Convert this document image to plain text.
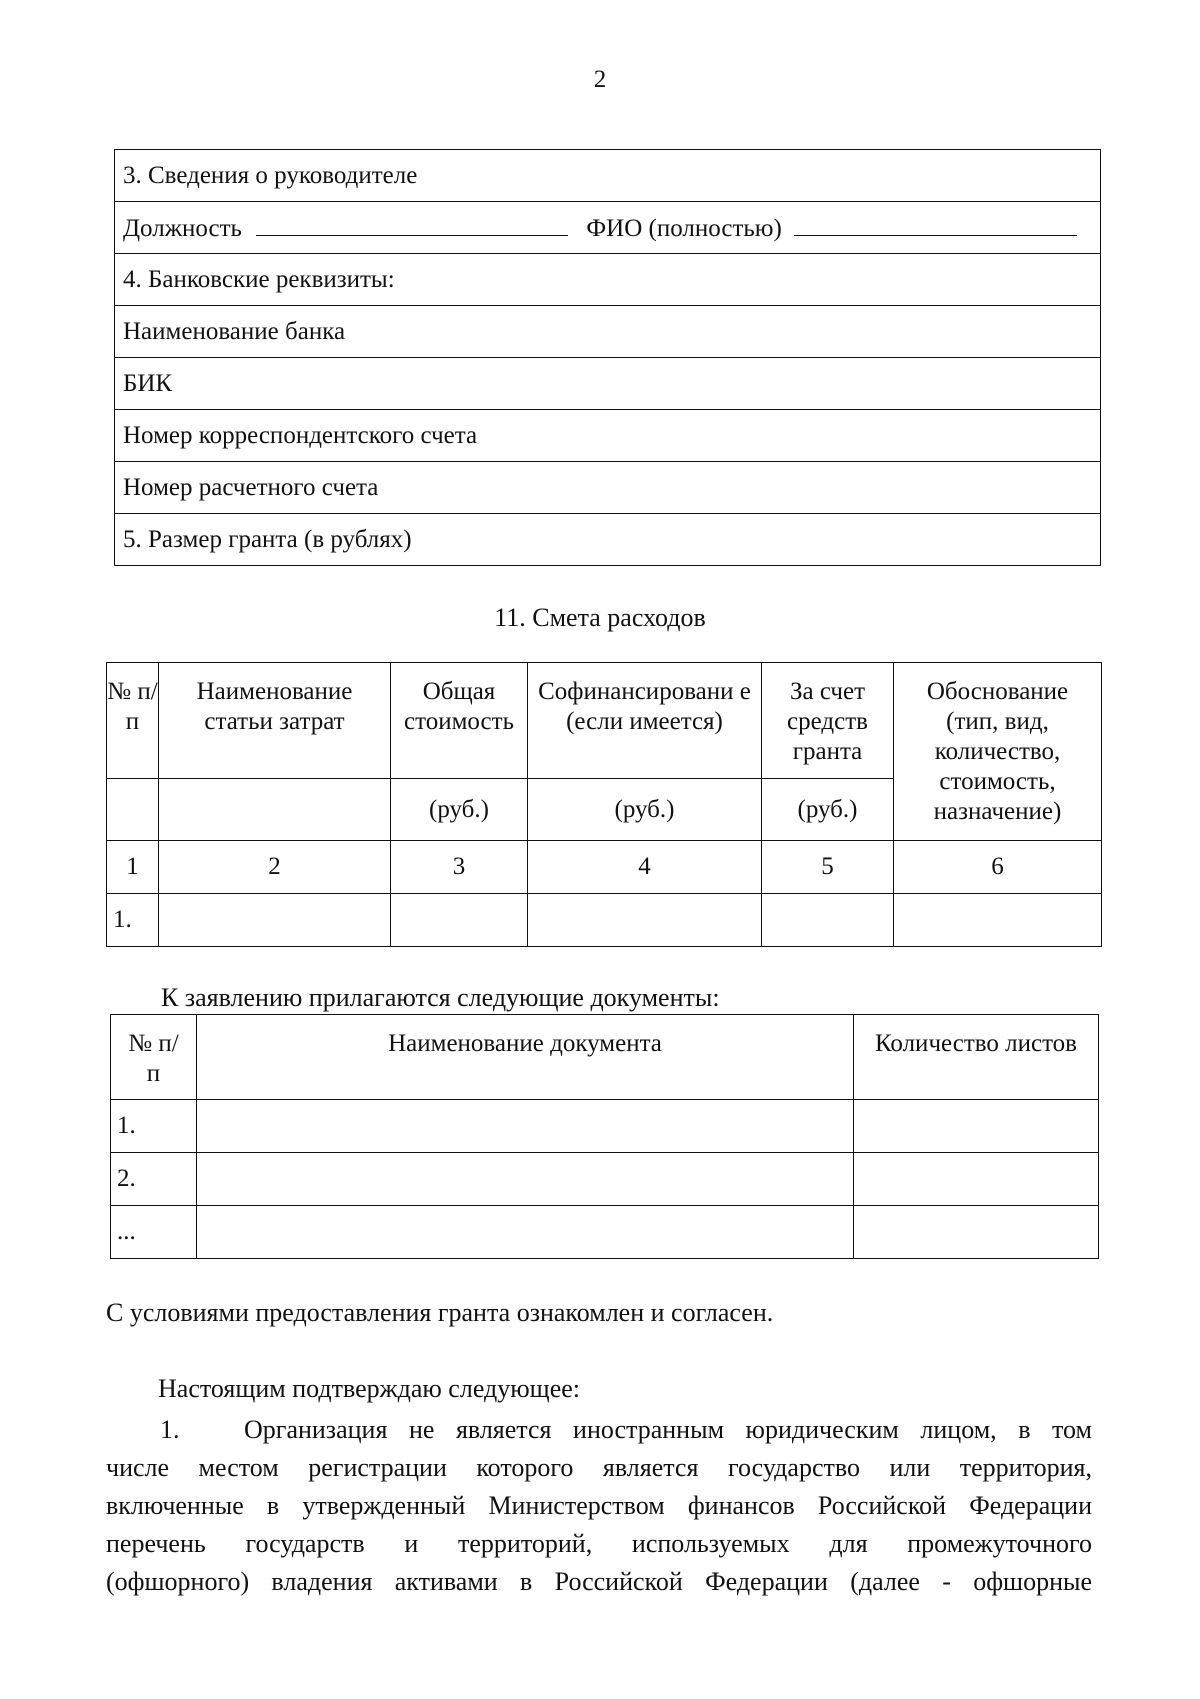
2
3. Сведения о руководителе
Должность	ФИО (полностью)
4. Банковские реквизиты:
Наименование банка
БИК
Номер корреспондентского счета
Номер расчетного счета
5. Размер гранта (в рублях)
11. Смета расходов
№ п/п	Наименование статьи затрат	Общая стоимость	Софинансировани е (если имеется)	За счет средств гранта	Обоснование (тип, вид, количество, стоимость, назначение)
		(руб.)	(руб.)	(руб.)	
1	2	3	4	5	6
1.					
К заявлению прилагаются следующие документы:
№ п/п	Наименование документа	Количество листов
1.		
2.		
...		
С условиями предоставления гранта ознакомлен и согласен.
Настоящим подтверждаю следующее:
1. Организация не является иностранным юридическим лицом, в том
числе местом регистрации которого является государство или территория,
включенные в утвержденный Министерством финансов Российской Федерации
перечень государств и территорий, используемых для промежуточного
(офшорного) владения активами в Российской Федерации (далее - офшорные
